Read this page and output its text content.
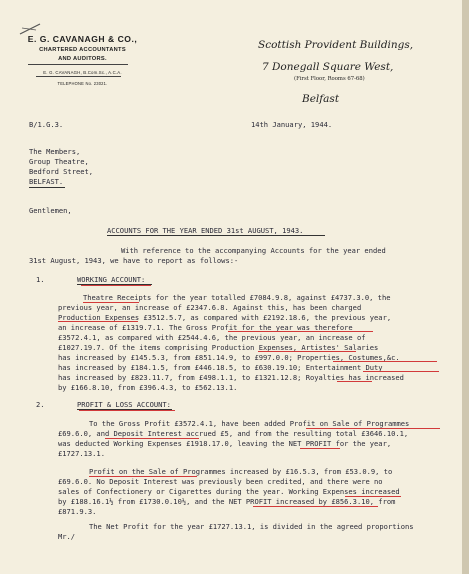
E. G. CAVANAGH & CO.,
CHARTERED ACCOUNTANTS
AND AUDITORS.
E. G. CAVANAGH, B.Com.Sc., A.C.A.
TELEPHONE No. 23021.
Scottish Provident Buildings,
7 Donegall Square West,
(First Floor, Rooms 67-68)
Belfast
B/1.G.3.	14th January, 1944.
The Members,
Group Theatre,
Bedford Street,
BELFAST.
Gentlemen,
ACCOUNTS FOR THE YEAR ENDED 31st AUGUST, 1943.
With reference to the accompanying Accounts for the year ended
31st August, 1943, we have to report as follows:-
1.	WORKING ACCOUNT:
Theatre Receipts for the year totalled £7084.9.8, against £4737.3.0, the
previous year, an increase of £2347.6.8. Against this, has been charged
Production Expenses £3512.5.7, as compared with £2192.18.6, the previous year,
an increase of £1319.7.1. The Gross Profit for the year was therefore
£3572.4.1, as compared with £2544.4.6, the previous year, an increase of
£1027.19.7. Of the items comprising Production Expenses, Artistes' Salaries
has increased by £145.5.3, from £851.14.9, to £997.0.0; Properties, Costumes,&c.
has increased by £184.1.5, from £446.18.5, to £630.19.10; Entertainment Duty
has increased by £823.11.7, from £498.1.1, to £1321.12.8; Royalties has increased
by £166.8.10, from £396.4.3, to £562.13.1.
2.	PROFIT & LOSS ACCOUNT:
To the Gross Profit £3572.4.1, have been added Profit on Sale of Programmes
£69.6.0, and Deposit Interest accrued £5, and from the resulting total £3646.10.1,
was deducted Working Expenses £1918.17.0, leaving the NET PROFIT for the year,
£1727.13.1.
Profit on the Sale of Programmes increased by £16.5.3, from £53.0.9, to
£69.6.0. No Deposit Interest was previously been credited, and there were no
sales of Confectionery or Cigarettes during the year. Working Expenses increased
by £188.16.1½ from £1730.0.10½, and the NET PROFIT increased by £856.3.10, from
£871.9.3.
The Net Profit for the year £1727.13.1, is divided in the agreed proportions
Mr./
